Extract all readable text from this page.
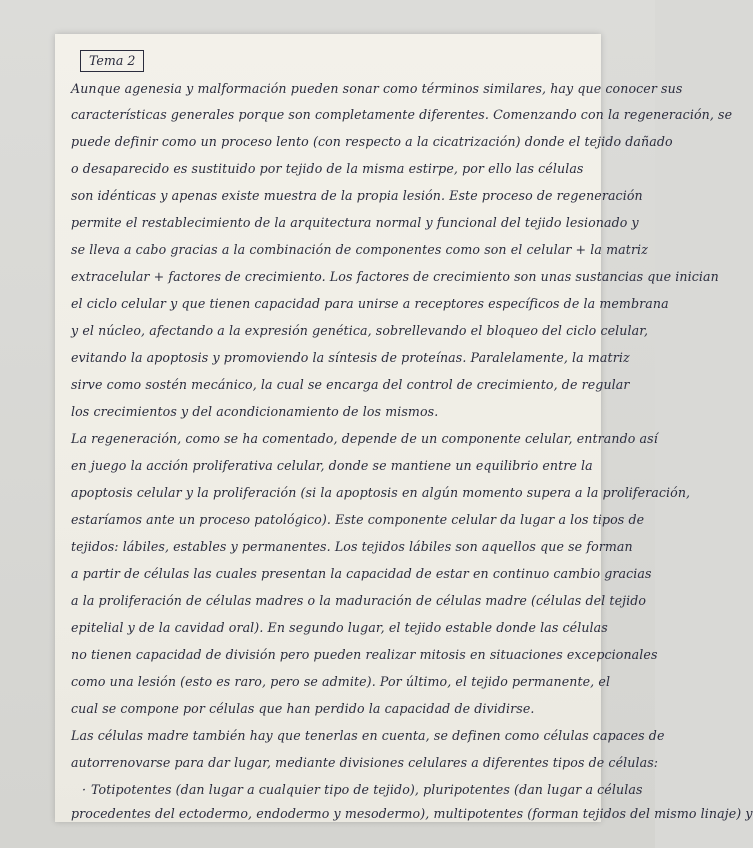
Tema 2
Aunque agenesia y malformación pueden sonar como términos similares, hay que conocer sus
características generales porque son completamente diferentes. Comenzando con la regeneración, se
puede definir como un proceso lento (con respecto a la cicatrización) donde el tejido dañado
o desaparecido es sustituido por tejido de la misma estirpe, por ello las células
son idénticas y apenas existe muestra de la propia lesión. Este proceso de regeneración
permite el restablecimiento de la arquitectura normal y funcional del tejido lesionado y
se lleva a cabo gracias a la combinación de componentes como son el celular + la matriz
extracelular + factores de crecimiento. Los factores de crecimiento son unas sustancias que inician
el ciclo celular y que tienen capacidad para unirse a receptores específicos de la membrana
y el núcleo, afectando a la expresión genética, sobrellevando el bloqueo del ciclo celular,
evitando la apoptosis y promoviendo la síntesis de proteínas. Paralelamente, la matriz
sirve como sostén mecánico, la cual se encarga del control de crecimiento, de regular
los crecimientos y del acondicionamiento de los mismos.
La regeneración, como se ha comentado, depende de un componente celular, entrando así
en juego la acción proliferativa celular, donde se mantiene un equilibrio entre la
apoptosis celular y la proliferación (si la apoptosis en algún momento supera a la proliferación,
estaríamos ante un proceso patológico). Este componente celular da lugar a los tipos de
tejidos: lábiles, estables y permanentes. Los tejidos lábiles son aquellos que se forman
a partir de células las cuales presentan la capacidad de estar en continuo cambio gracias
a la proliferación de células madres o la maduración de células madre (células del tejido
epitelial y de la cavidad oral). En segundo lugar, el tejido estable donde las células
no tienen capacidad de división pero pueden realizar mitosis en situaciones excepcionales
como una lesión (esto es raro, pero se admite). Por último, el tejido permanente, el
cual se compone por células que han perdido la capacidad de dividirse.
Las células madre también hay que tenerlas en cuenta, se definen como células capaces de
autorrenovarse para dar lugar, mediante divisiones celulares a diferentes tipos de células:
· Totipotentes (dan lugar a cualquier tipo de tejido), pluripotentes (dan lugar a células
procedentes del ectodermo, endodermo y mesodermo), multipotentes (forman tejidos del mismo linaje) y
